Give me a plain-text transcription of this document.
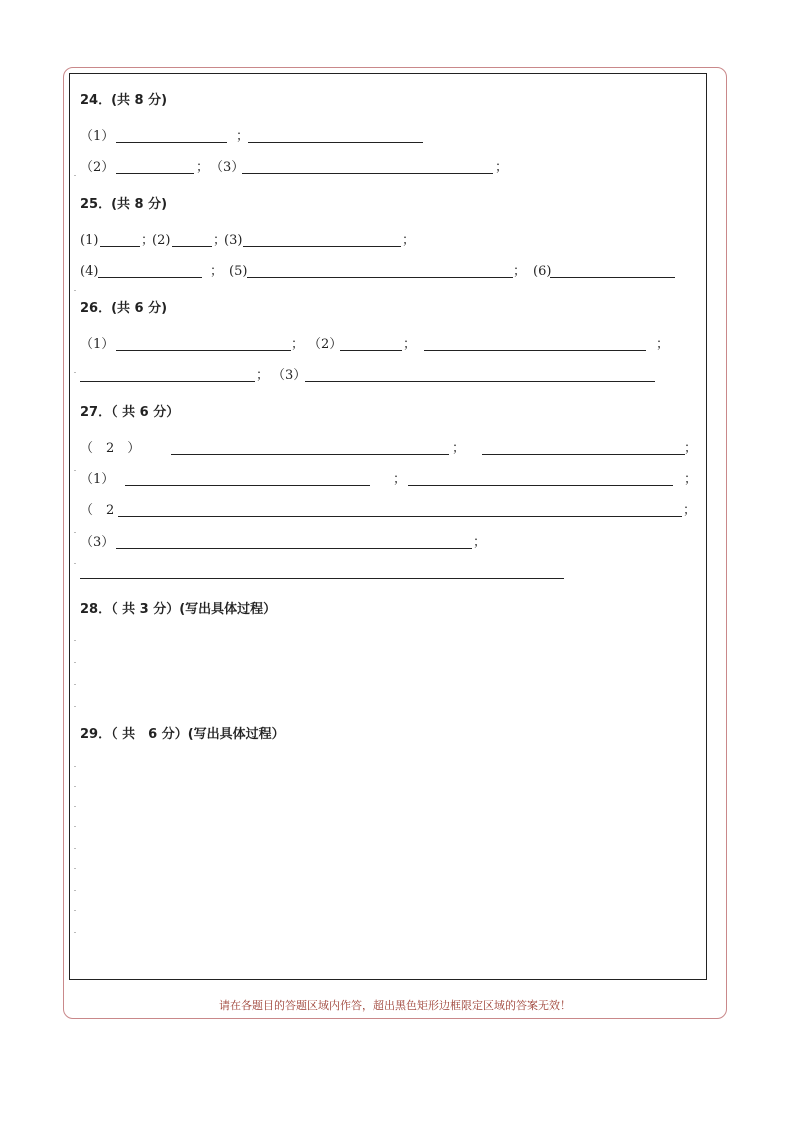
24．(共 8 分)
（1）	；
（2）	； （3）	；
25．(共 8 分)
(1)	；
(2)	；
(3)	；
(4)	； (5)	； (6)
26．(共 6 分)
（1）	； （2）	；	；
； （3）
27．（ 共 6 分）
（　2　）	；	；
（1）	；	；
（　2	；
（3）	；
28．（ 共 3 分）(写出具体过程）
29．（ 共　6 分）(写出具体过程）
请在各题目的答题区域内作答，超出黑色矩形边框限定区域的答案无效！
